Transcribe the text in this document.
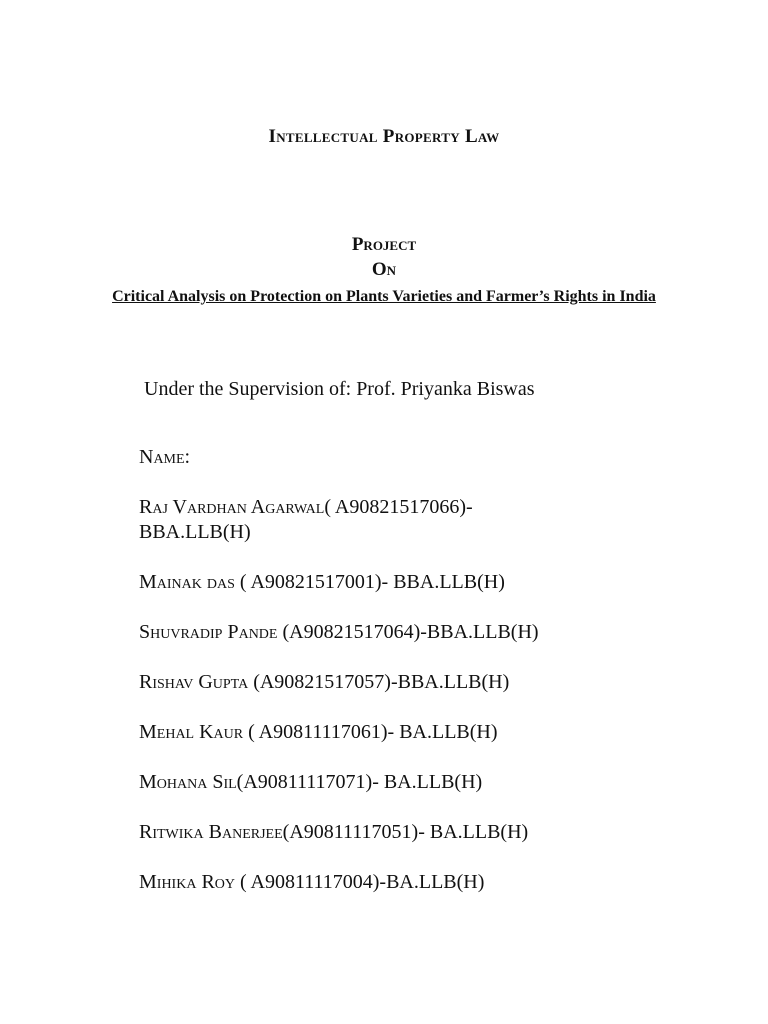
Intellectual Property Law
Project
On
Critical Analysis on Protection on Plants Varieties and Farmer’s Rights in India
Under the Supervision of: Prof. Priyanka Biswas
Name:
Raj Vardhan Agarwal( A90821517066)- BBA.LLB(H)
Mainak das ( A90821517001)- BBA.LLB(H)
Shuvradip Pande (A90821517064)-BBA.LLB(H)
Rishav Gupta (A90821517057)-BBA.LLB(H)
Mehal Kaur ( A90811117061)- BA.LLB(H)
Mohana Sil(A90811117071)- BA.LLB(H)
Ritwika Banerjee(A90811117051)- BA.LLB(H)
Mihika Roy ( A90811117004)-BA.LLB(H)
